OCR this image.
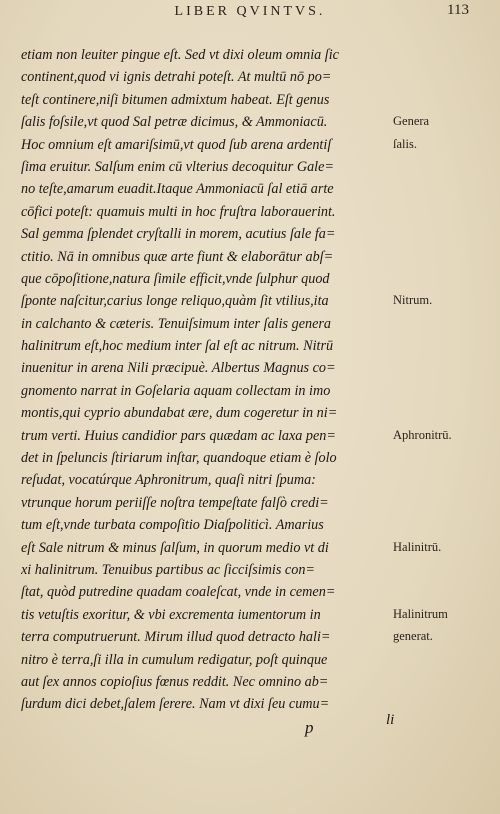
LIBER QVINTVS.	113
etiam non leuiter pingue eſt. Sed vt dixi oleum omnia ſic
continent,quod vi ignis detrahi poteſt. At multū nō po=
teſt continere,niſi bitumen admixtum habeat. Eſt genus
ſalis foſsile,vt quod Sal petræ dicimus, & Ammoniacū.
Hoc omnium eſt amariſsimū,vt quod ſub arena ardentiſ
ſima eruitur. Salſum enim cū vlterius decoquitur Gale=
no teſte,amarum euadit.Itaque Ammoniacū ſal etiā arte
cōfici poteſt: quamuis multi in hoc fruſtra laborauerint.
Sal gemma ſplendet cryſtalli in morem, acutius ſale fa=
ctitio. Nā in omnibus quæ arte fiunt & elaborātur abſ=
que cōpoſitione,natura ſimile efficit,vnde ſulphur quod
ſponte naſcitur,carius longe reliquo,quàm ſit vtilius,ita
in calchanto & cæteris. Tenuiſsimum inter ſalis genera
halinitrum eſt,hoc medium inter ſal eſt ac nitrum. Nitrū
inuenitur in arena Nili præcipuè. Albertus Magnus co=
gnomento narrat in Goſelaria aquam collectam in imo
montis,qui cyprio abundabat ære, dum cogeretur in ni=
trum verti. Huius candidior pars quædam ac laxa pen=
det in ſpeluncis ſtiriarum inſtar, quandoque etiam è ſolo
reſudat, vocatúrque Aphronitrum, quaſi nitri ſpuma:
vtrunque horum periiſſe noſtra tempeſtate falſò credi=
tum eſt,vnde turbata compoſitio Diaſpoliticì. Amarius
eſt Sale nitrum & minus ſalſum, in quorum medio vt di
xi halinitrum. Tenuibus partibus ac ſicciſsimis con=
ſtat, quòd putredine quadam coaleſcat, vnde in cemen=
tis vetuſtis exoritur, & vbi excrementa iumentorum in
terra computruerunt. Mirum illud quod detracto hali=
nitro è terra,ſi illa in cumulum redigatur, poſt quinque
aut ſex annos copioſius fœnus reddit. Nec omnino ab=
ſurdum dici debet,ſalem ſerere. Nam vt dixi ſeu cumu=
Genera
ſalis.
Nitrum.
Aphronitrū.
Halinitrū.
Halinitrum
generat.
p	li
